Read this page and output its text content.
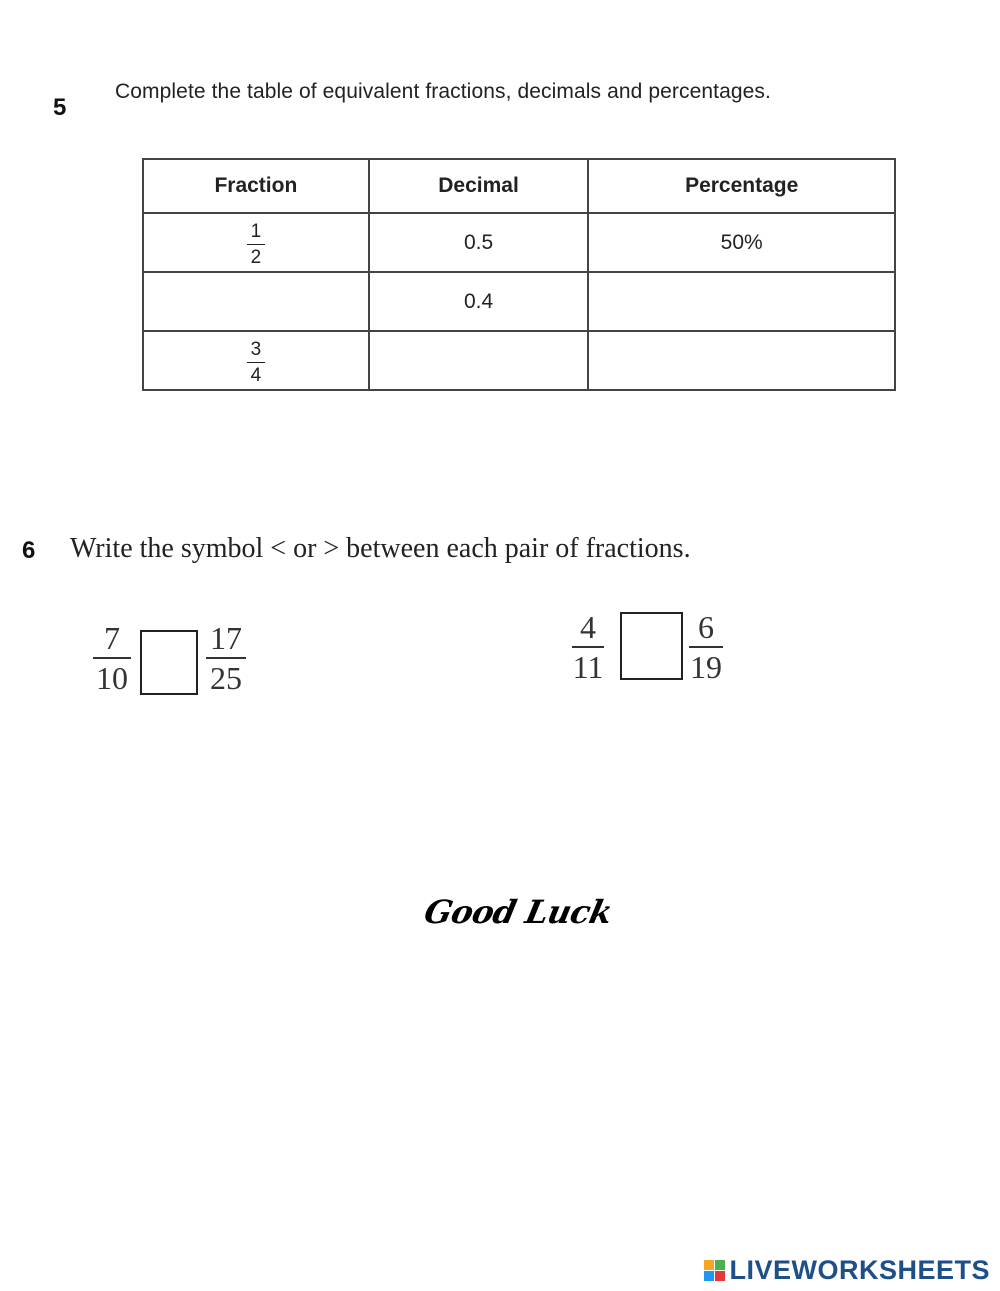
5
Complete the table of equivalent fractions, decimals and percentages.
Fraction	Decimal	Percentage

$\frac{1}{2}$	0.5	50%
	0.4	

$\frac{3}{4}$

6 Write the symbol < or > between each pair of fractions.
7
10
17
25
4
11
6
19
Good Luck
LIVEWORKSHEETS
